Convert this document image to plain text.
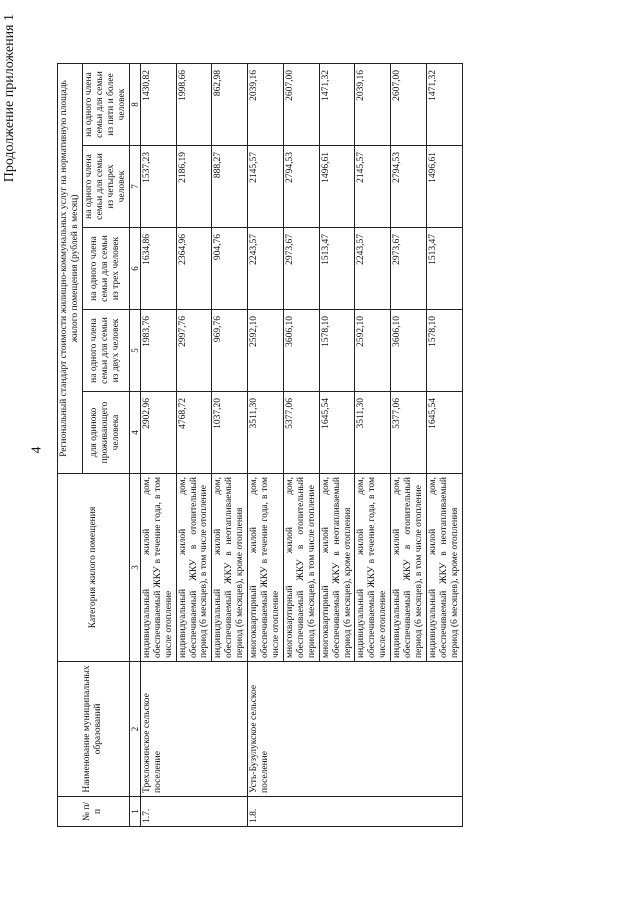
4
Продолжение приложения 1
№ п/п	Наименование муниципальных образований	Категория жилого помещения	Региональный стандарт стоимости жилищно-коммунальных услуг на нормативную площадь жилого помещения (рублей в месяц)				
			для одиноко проживающего человека	на одного члена семьи для семьи из двух человек	на одного члена семьи для семьи из трех человек	на одного члена семьи для семьи из четырех человек	на одного члена семьи для семьи из пяти и более человек
1	2	3	4	5	6	7	8
1.7.	Трехложинское сельское поселение	индивидуальный жилой дом, обеспечиваемый ЖКУ в течение года, в том числе отопление	2902,96	1983,76	1634,86	1537,23	1430,82
		индивидуальный жилой дом, обеспечиваемый ЖКУ в отопительный период (6 месяцев), в том числе отопление	4768,72	2997,76	2364,96	2186,19	1998,66
		индивидуальный жилой дом, обеспечиваемый ЖКУ в неотапливаемый период (6 месяцев), кроме отопления	1037,20	969,76	904,76	888,27	862,98
1.8.	Усть-Бузулукское сельское поселение	многоквартирный жилой дом, обеспечиваемый ЖКУ в течение года, в том числе отопление	3511,30	2592,10	2243,57	2145,57	2039,16
		многоквартирный жилой дом, обеспечиваемый ЖКУ в отопительный период (6 месяцев), в том числе отопление	5377,06	3606,10	2973,67	2794,53	2607,00
		многоквартирный жилой дом, обеспечиваемый ЖКУ в неотапливаемый период (6 месяцев), кроме отопления	1645,54	1578,10	1513,47	1496,61	1471,32
		индивидуальный жилой дом, обеспечиваемый ЖКУ в течение года, в том числе отопление	3511,30	2592,10	2243,57	2145,57	2039,16
		индивидуальный жилой дом, обеспечиваемый ЖКУ в отопительный период (6 месяцев), в том числе отопление	5377,06	3606,10	2973,67	2794,53	2607,00
		индивидуальный жилой дом, обеспечиваемый ЖКУ в неотапливаемый период (6 месяцев), кроме отопления	1645,54	1578,10	1513,47	1496,61	1471,32
